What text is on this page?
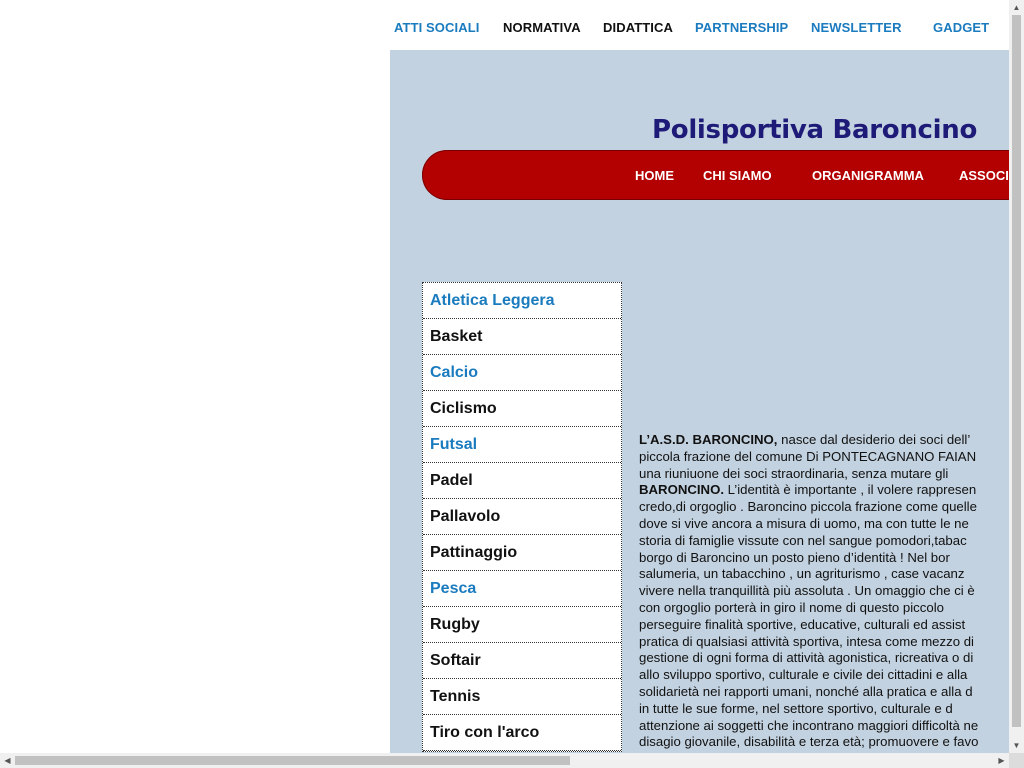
ATTI SOCIALI NORMATIVA DIDATTICA PARTNERSHIP NEWSLETTER GADGET
Polisportiva Baroncino
HOME CHI SIAMO	ORGANIGRAMMA	ASSOCI
Atletica Leggera
Basket
Calcio
Ciclismo
Futsal
Padel
Pallavolo
Pattinaggio
Pesca
Rugby
Softair
Tennis
Tiro con l'arco
L’A.S.D. BARONCINO, nasce dal desiderio dei soci dell’
piccola frazione del comune Di PONTECAGNANO FAIAN
una riuniuone dei soci straordinaria, senza mutare gli
BARONCINO. L’identità è importante , il volere rappresen
credo,di orgoglio . Baroncino piccola frazione come quelle
dove si vive ancora a misura di uomo, ma con tutte le ne
storia di famiglie vissute con nel sangue pomodori,tabac
borgo di Baroncino un posto pieno d’identità ! Nel bor
salumeria, un tabacchino , un agriturismo , case vacanz
vivere nella tranquillità più assoluta . Un omaggio che ci è
con orgoglio porterà in giro il nome di questo piccolo
perseguire finalità sportive, educative, culturali ed assist
pratica di qualsiasi attività sportiva, intesa come mezzo di
gestione di ogni forma di attività agonistica, ricreativa o di
allo sviluppo sportivo, culturale e civile dei cittadini e alla
solidarietà nei rapporti umani, nonché alla pratica e alla d
in tutte le sue forme, nel settore sportivo, culturale e d
attenzione ai soggetti che incontrano maggiori difficoltà ne
disagio giovanile, disabilità e terza età; promuovere e favo
▲
▼
◀	▶
